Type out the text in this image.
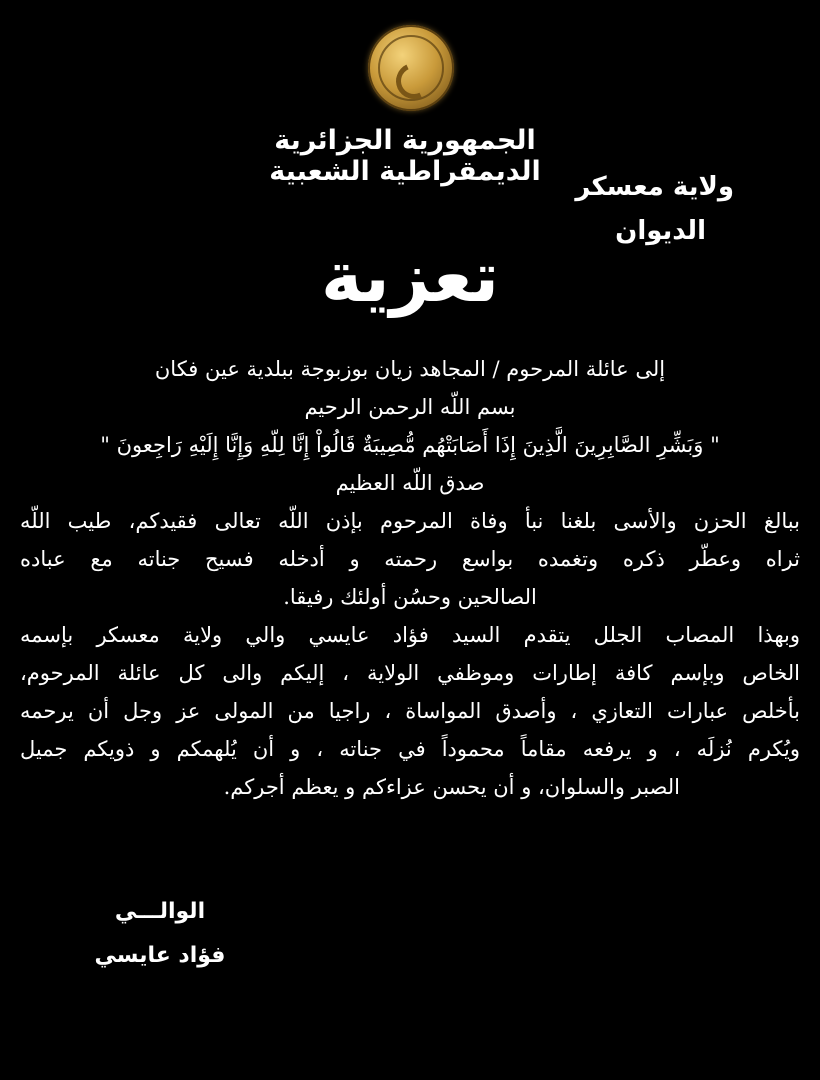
الجمهورية الجزائرية الديمقراطية الشعبية	ولاية معسكر
الديوان
تعزية
إلى عائلة المرحوم / المجاهد زيان بوزبوجة ببلدية عين فكان
بسم اللّه الرحمن الرحيم
" وَبَشِّرِ الصَّابِرِينَ الَّذِينَ إِذَا أَصَابَتْهُم مُّصِيبَةٌ قَالُواْ إِنَّا لِلّهِ وَإِنَّا إِلَيْهِ رَاجِعونَ "
صدق اللّه العظيم
ببالغ الحزن والأسى بلغنا نبأ وفاة المرحوم بإذن اللّه تعالى فقيدكم، طيب اللّه
ثراه وعطّر ذكره وتغمده بواسع رحمته و أدخله فسيح جناته مع عباده
الصالحين وحسُن أولئك رفيقا.
وبهذا المصاب الجلل يتقدم السيد فؤاد عايسي والي ولاية معسكر بإسمه
الخاص وبإسم كافة إطارات وموظفي الولاية ، إليكم والى كل عائلة المرحوم،
بأخلص عبارات التعازي ، وأصدق المواساة ، راجيا من المولى عز وجل أن يرحمه
ويُكرم نُزلَه ، و يرفعه مقاماً محموداً في جناته ، و أن يُلهمكم و ذويكم جميل
الصبر والسلوان، و أن يحسن عزاءكم و يعظم أجركم.
الوالـــي
فؤاد عايسي
